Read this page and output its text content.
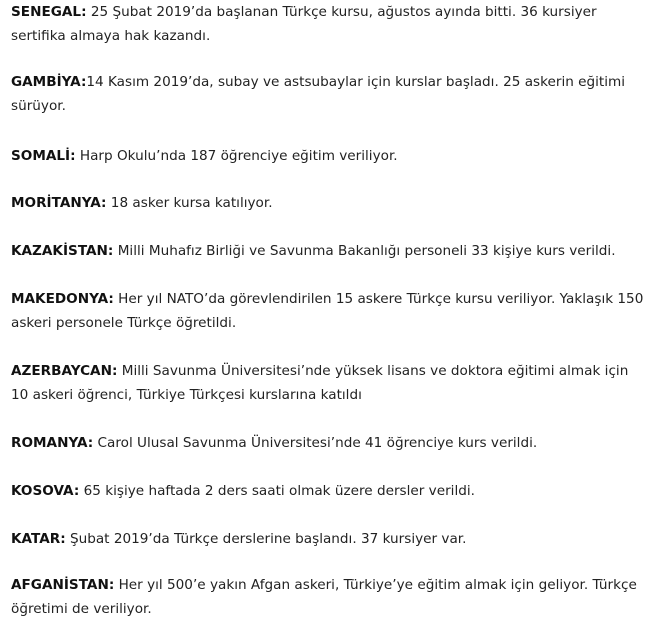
SENEGAL: 25 Şubat 2019’da başlanan Türkçe kursu, ağustos ayında bitti. 36 kursiyer sertifika almaya hak kazandı.

GAMBİYA:14 Kasım 2019’da, subay ve astsubaylar için kurslar başladı. 25 askerin eğitimi sürüyor.

SOMALİ: Harp Okulu’nda 187 öğrenciye eğitim veriliyor.

MORİTANYA: 18 asker kursa katılıyor.

KAZAKİSTAN: Milli Muhafız Birliği ve Savunma Bakanlığı personeli 33 kişiye kurs verildi.

MAKEDONYA: Her yıl NATO’da görevlendirilen 15 askere Türkçe kursu veriliyor. Yaklaşık 150 askeri personele Türkçe öğretildi.

AZERBAYCAN: Milli Savunma Üniversitesi’nde yüksek lisans ve doktora eğitimi almak için 10 askeri öğrenci, Türkiye Türkçesi kurslarına katıldı

ROMANYA: Carol Ulusal Savunma Üniversitesi’nde 41 öğrenciye kurs verildi.

KOSOVA: 65 kişiye haftada 2 ders saati olmak üzere dersler verildi.

KATAR: Şubat 2019’da Türkçe derslerine başlandı. 37 kursiyer var.

AFGANİSTAN: Her yıl 500’e yakın Afgan askeri, Türkiye’ye eğitim almak için geliyor. Türkçe öğretimi de veriliyor.
